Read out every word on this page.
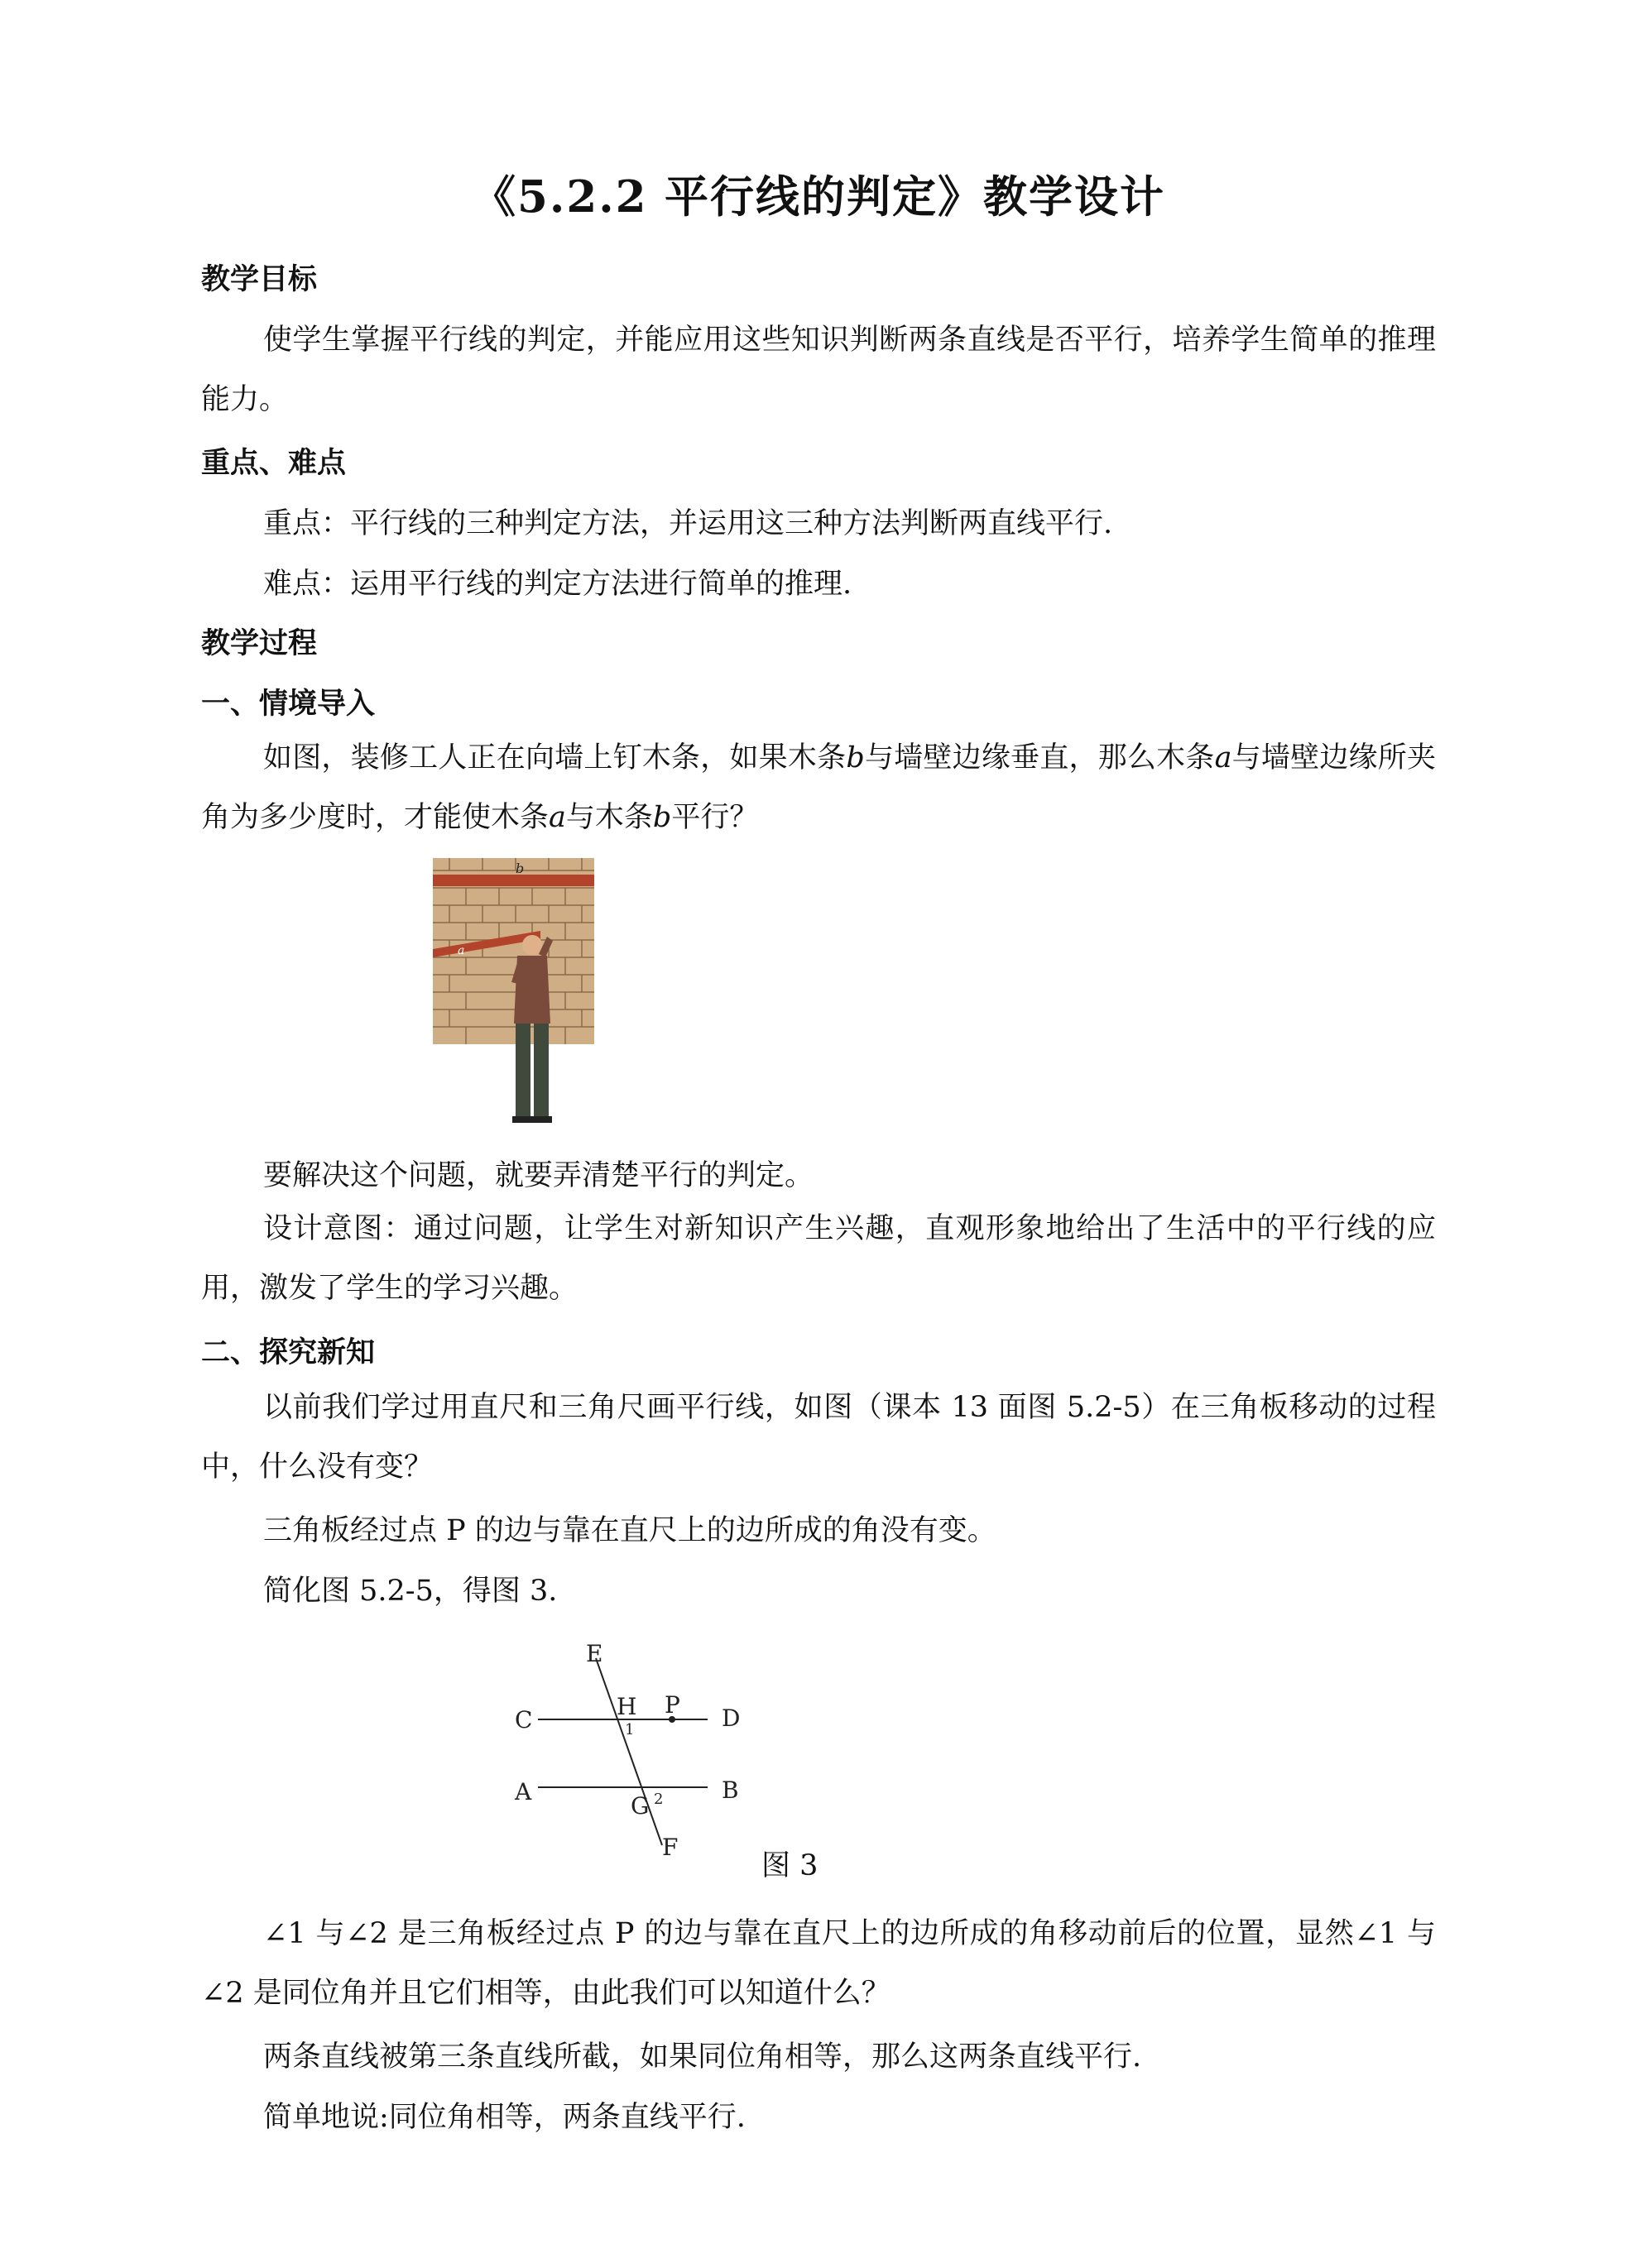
《5.2.2 平行线的判定》教学设计
教学目标
使学生掌握平行线的判定，并能应用这些知识判断两条直线是否平行，培养学生简单的推理能力。
重点、难点
重点：平行线的三种判定方法，并运用这三种方法判断两直线平行.
难点：运用平行线的判定方法进行简单的推理.
教学过程
一、情境导入
如图，装修工人正在向墙上钉木条，如果木条b与墙壁边缘垂直，那么木条a与墙壁边缘所夹角为多少度时，才能使木条a与木条b平行？
b
a
要解决这个问题，就要弄清楚平行的判定。
设计意图：通过问题，让学生对新知识产生兴趣，直观形象地给出了生活中的平行线的应用，激发了学生的学习兴趣。
二、探究新知
以前我们学过用直尺和三角尺画平行线，如图（课本 13 面图 5.2-5）在三角板移动的过程中，什么没有变？
三角板经过点 P 的边与靠在直尺上的边所成的角没有变。
简化图 5.2-5，得图 3.
E
H P
C	D
A	B
G
F
1
2
图 3
∠1 与∠2 是三角板经过点 P 的边与靠在直尺上的边所成的角移动前后的位置，显然∠1 与∠2 是同位角并且它们相等，由此我们可以知道什么？
两条直线被第三条直线所截，如果同位角相等，那么这两条直线平行.
简单地说:同位角相等，两条直线平行.
